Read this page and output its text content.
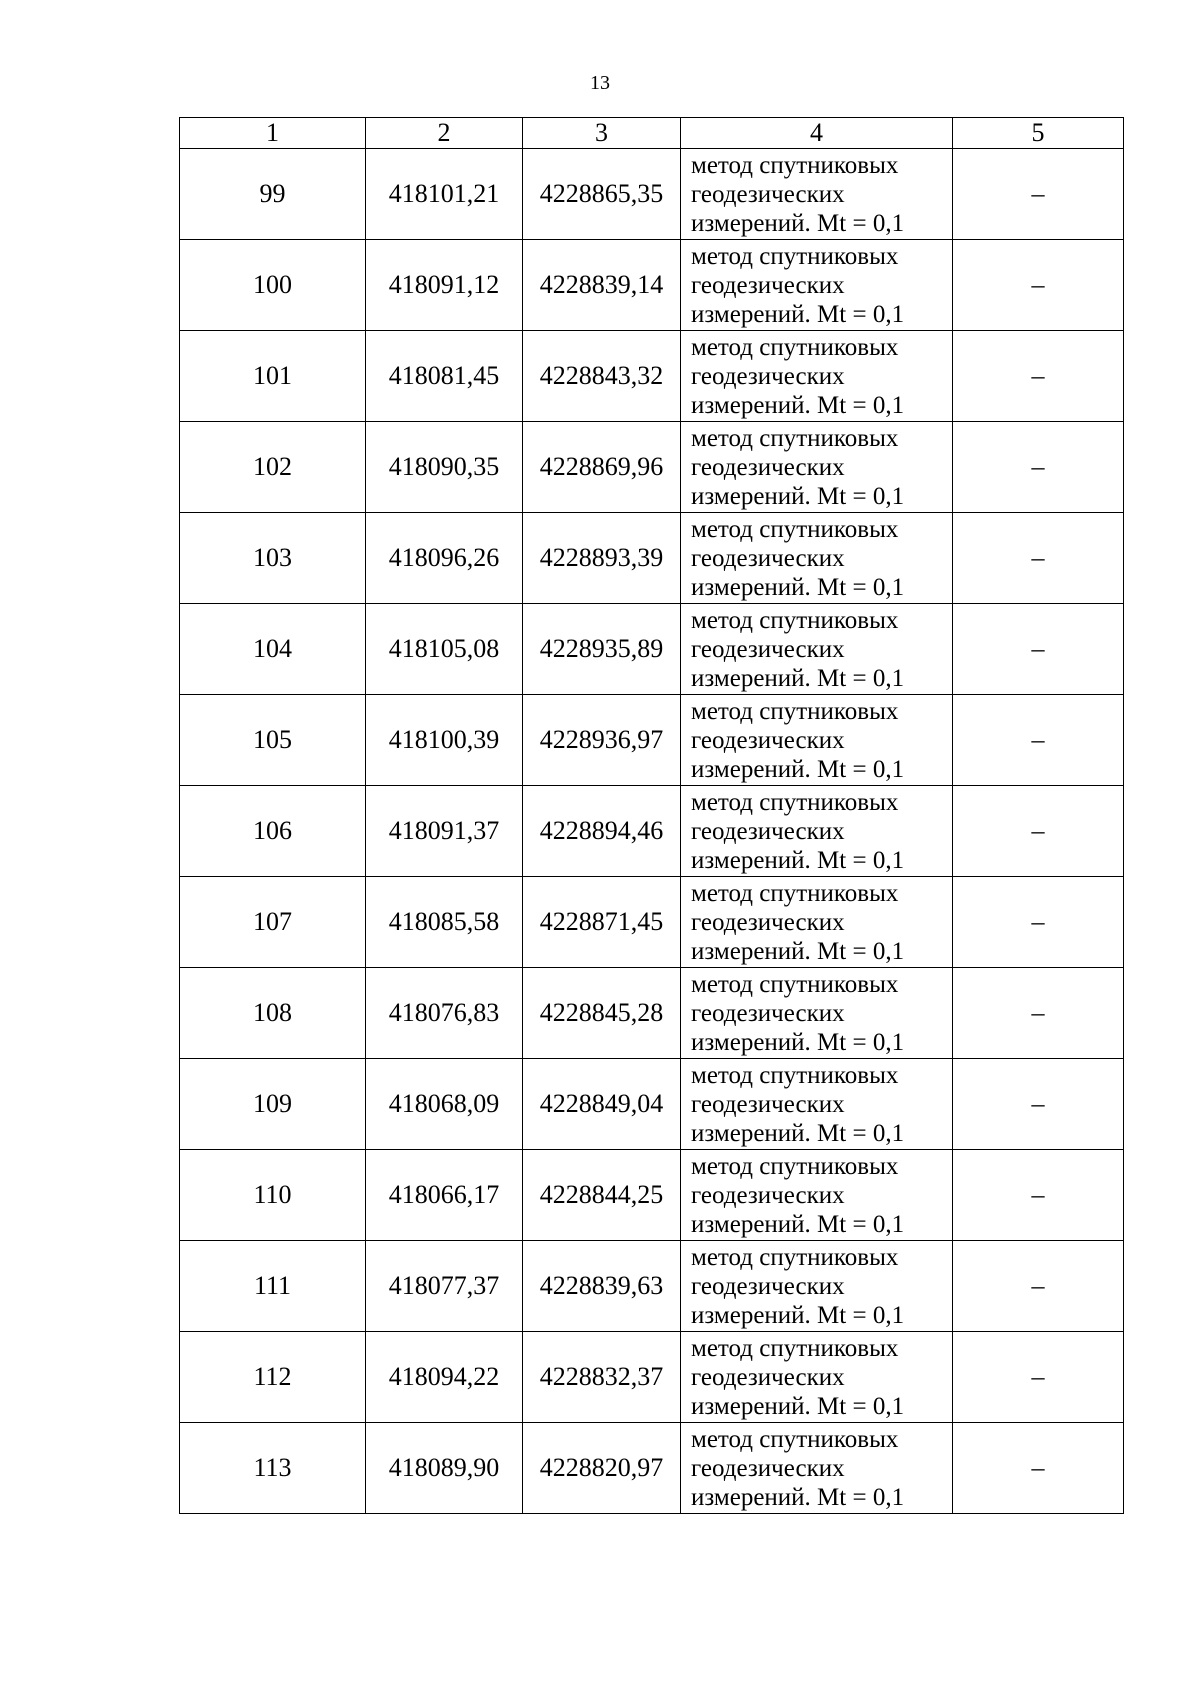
13
1	2	3	4	5
99	418101,21	4228865,35	метод спутниковых геодезических измерений. Mt = 0,1	–
100	418091,12	4228839,14	метод спутниковых геодезических измерений. Mt = 0,1	–
101	418081,45	4228843,32	метод спутниковых геодезических измерений. Mt = 0,1	–
102	418090,35	4228869,96	метод спутниковых геодезических измерений. Mt = 0,1	–
103	418096,26	4228893,39	метод спутниковых геодезических измерений. Mt = 0,1	–
104	418105,08	4228935,89	метод спутниковых геодезических измерений. Mt = 0,1	–
105	418100,39	4228936,97	метод спутниковых геодезических измерений. Mt = 0,1	–
106	418091,37	4228894,46	метод спутниковых геодезических измерений. Mt = 0,1	–
107	418085,58	4228871,45	метод спутниковых геодезических измерений. Mt = 0,1	–
108	418076,83	4228845,28	метод спутниковых геодезических измерений. Mt = 0,1	–
109	418068,09	4228849,04	метод спутниковых геодезических измерений. Mt = 0,1	–
110	418066,17	4228844,25	метод спутниковых геодезических измерений. Mt = 0,1	–
111	418077,37	4228839,63	метод спутниковых геодезических измерений. Mt = 0,1	–
112	418094,22	4228832,37	метод спутниковых геодезических измерений. Mt = 0,1	–
113	418089,90	4228820,97	метод спутниковых геодезических измерений. Mt = 0,1	–
